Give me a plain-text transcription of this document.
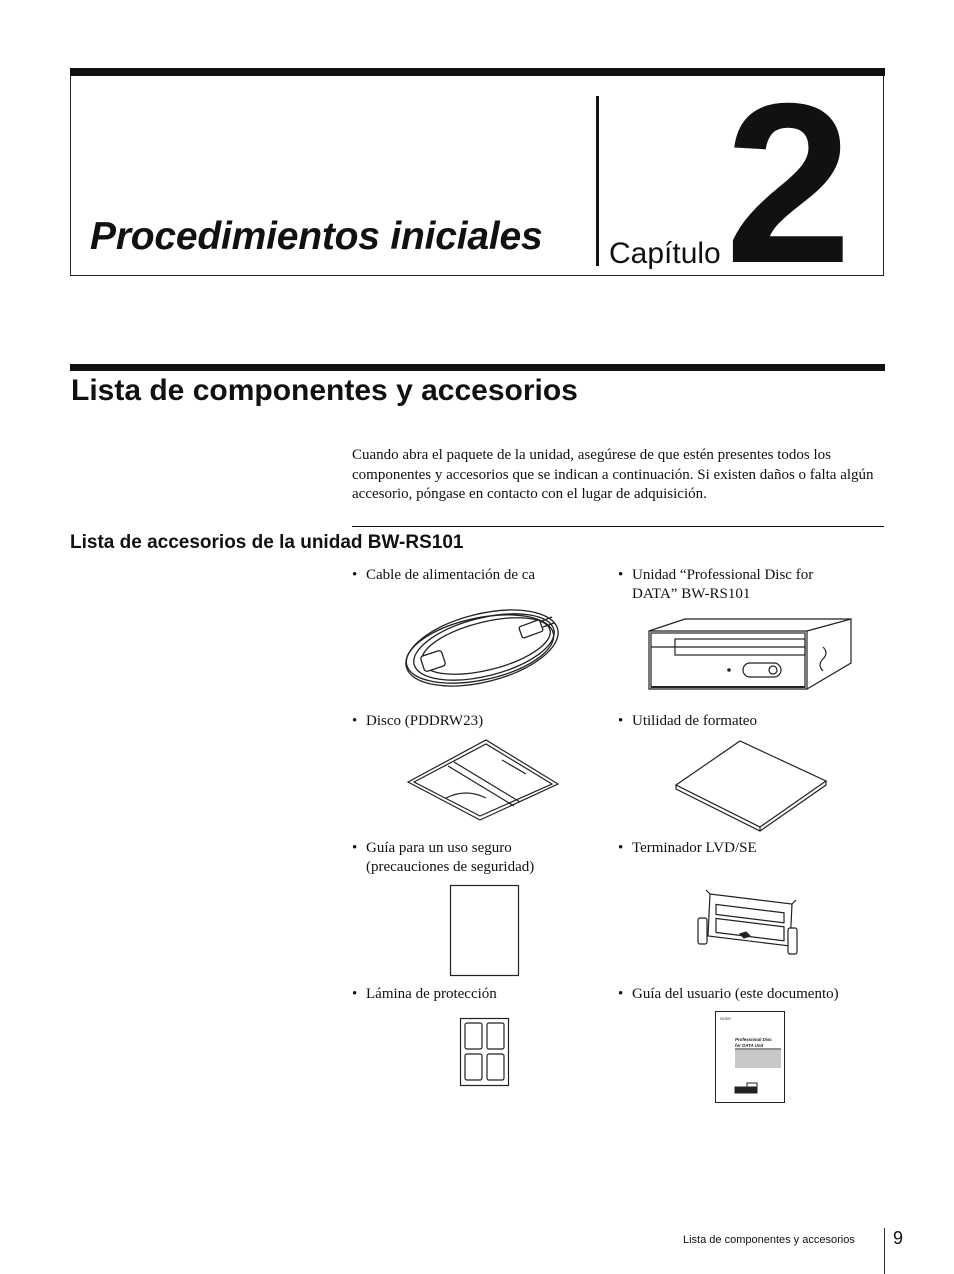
Procedimientos iniciales Capítulo 2
Lista de componentes y accesorios
Cuando abra el paquete de la unidad, asegúrese de que estén presentes todos los componentes y accesorios que se indican a continuación. Si existen daños o falta algún accesorio, póngase en contacto con el lugar de adquisición.
Lista de accesorios de la unidad BW-RS101
• Cable de alimentación de ca	• Unidad “Professional Disc for
DATA” BW-RS101
• Disco (PDDRW23)	• Utilidad de formateo
• Guía para un uso seguro
(precauciones de seguridad)
• Terminador LVD/SE
• Lámina de protección	• Guía del usuario (este documento)
SONY
Professional Disc
for DATA Unit
Lista de componentes y accesorios 9
